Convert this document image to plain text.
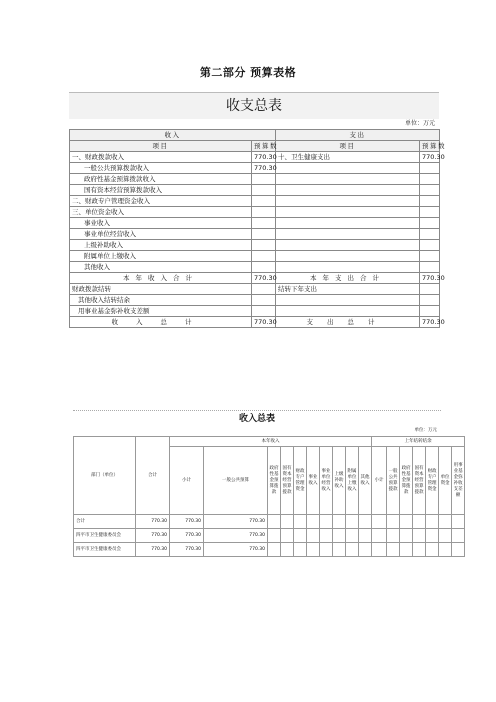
第二部分 预算表格
收支总表
单位：万元
收入		支出	
项目	预算数	项目	预算数
一、财政拨款收入	770.30	十、卫生健康支出	770.30
一般公共预算拨款收入	770.30		
政府性基金预算拨款收入			
国有资本经营预算拨款收入			
二、财政专户管理资金收入			
三、单位资金收入			
事业收入			
事业单位经营收入			
上级补助收入			
附属单位上缴收入			
其他收入			
本年收入合计	770.30	本年支出合计	770.30
财政拨款结转		结转下年支出	
其他收入结转结余			
用事业基金弥补收支差额			
收入总计	770.30	支出总计	770.30
收入总表
单位：万元
部门（单位）	合计	本年收入										上年结转结余						
		小计	一般公共预算	政府性基金预算拨款	国有资本经营预算拨款	财政专户管理资金	事业收入	事业单位经营收入	上级补助收入	附属单位上缴收入	其他收入	小计	一般公共预算拨款	政府性基金预算拨款	国有资本经营预算拨款	财政专户管理资金	单位资金	用事业基金弥补收支差额
合计	770.30	770.30	770.30															
四平市卫生健康委员会	770.30	770.30	770.30															
四平市卫生健康委员会	770.30	770.30	770.30															
